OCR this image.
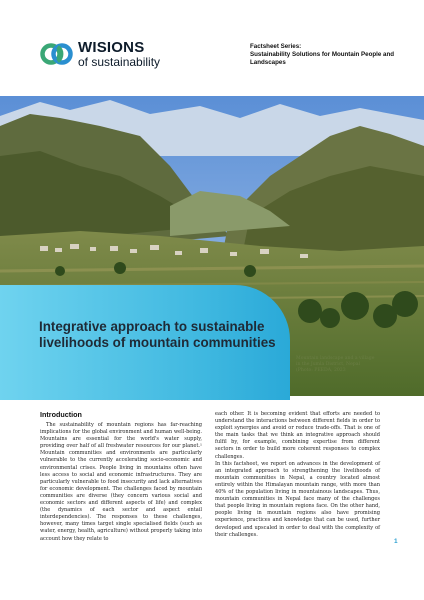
WISIONS
of sustainability
Factsheet Series:
Sustainability Solutions for Mountain People and Landscapes
Integrative approach to sustainable livelihoods of mountain communities
Mountain landscape and a village
in the Jumla District, Nepal
(Photo: PEEDA, 2023
Introduction

The sustainability of mountain regions has far-reaching implications for the global environment and human well-being. Mountains are essential for the world's water supply, providing over half of all freshwater resources for our planet.¹ Mountain communities and environments are particularly vulnerable to the currently accelerating socio-economic and environmental crises. People living in mountains often have less access to social and economic infrastructures. They are particularly vulnerable to food insecurity and lack alternatives for economic development. The challenges faced by mountain communities are diverse (they concern various social and economic sectors and different aspects of life) and complex (the dynamics of each sector and aspect entail interdependencies). The responses to these challenges, however, many times target single specialised fields (such as water, energy, health, agriculture) without properly taking into account how they relate to

each other. It is becoming evident that efforts are needed to understand the interactions between different fields in order to exploit synergies and avoid or reduce trade-offs. That is one of the main tasks that we think an integrative approach should fulfil by, for example, combining expertise from different sectors in order to build more coherent responses to complex challenges.

In this factsheet, we report on advances in the development of an integrated approach to strengthening the livelihoods of mountain communities in Nepal, a country located almost entirely within the Himalayan mountain range, with more than 40% of the population living in mountainous landscapes. Thus, mountain communities in Nepal face many of the challenges that people living in mountain regions face. On the other hand, people living in mountain regions also have promising experience, practices and knowledge that can be used, further developed and upscaled in order to deal with the complexity of their challenges.

1
